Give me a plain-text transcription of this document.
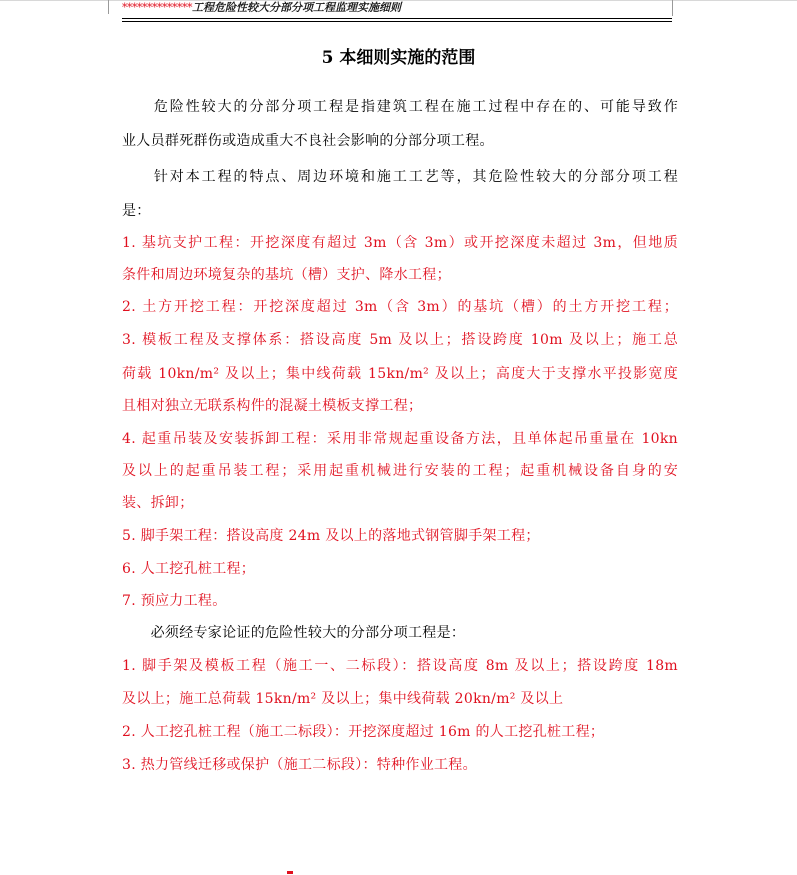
**************工程危险性较大分部分项工程监理实施细则
5 本细则实施的范围
　　危险性较大的分部分项工程是指建筑工程在施工过程中存在的、可能导致作
业人员群死群伤或造成重大不良社会影响的分部分项工程。
　　针对本工程的特点、周边环境和施工工艺等，其危险性较大的分部分项工程
是：
1. 基坑支护工程：开挖深度有超过 3m（含 3m）或开挖深度未超过 3m，但地质
条件和周边环境复杂的基坑（槽）支护、降水工程；
2. 土方开挖工程：开挖深度超过 3m（含 3m）的基坑（槽）的土方开挖工程；
3. 模板工程及支撑体系：搭设高度 5m 及以上；搭设跨度 10m 及以上；施工总
荷载 10kn/m² 及以上；集中线荷载 15kn/m² 及以上；高度大于支撑水平投影宽度
且相对独立无联系构件的混凝土模板支撑工程；
4. 起重吊装及安装拆卸工程：采用非常规起重设备方法，且单体起吊重量在 10kn
及以上的起重吊装工程；采用起重机械进行安装的工程；起重机械设备自身的安
装、拆卸；
5. 脚手架工程：搭设高度 24m 及以上的落地式钢管脚手架工程；
6. 人工挖孔桩工程；
7. 预应力工程。
　　必须经专家论证的危险性较大的分部分项工程是：
1. 脚手架及模板工程（施工一、二标段）：搭设高度 8m 及以上；搭设跨度 18m
及以上；施工总荷载 15kn/m² 及以上；集中线荷载 20kn/m² 及以上
2. 人工挖孔桩工程（施工二标段）：开挖深度超过 16m 的人工挖孔桩工程；
3. 热力管线迁移或保护（施工二标段）：特种作业工程。
